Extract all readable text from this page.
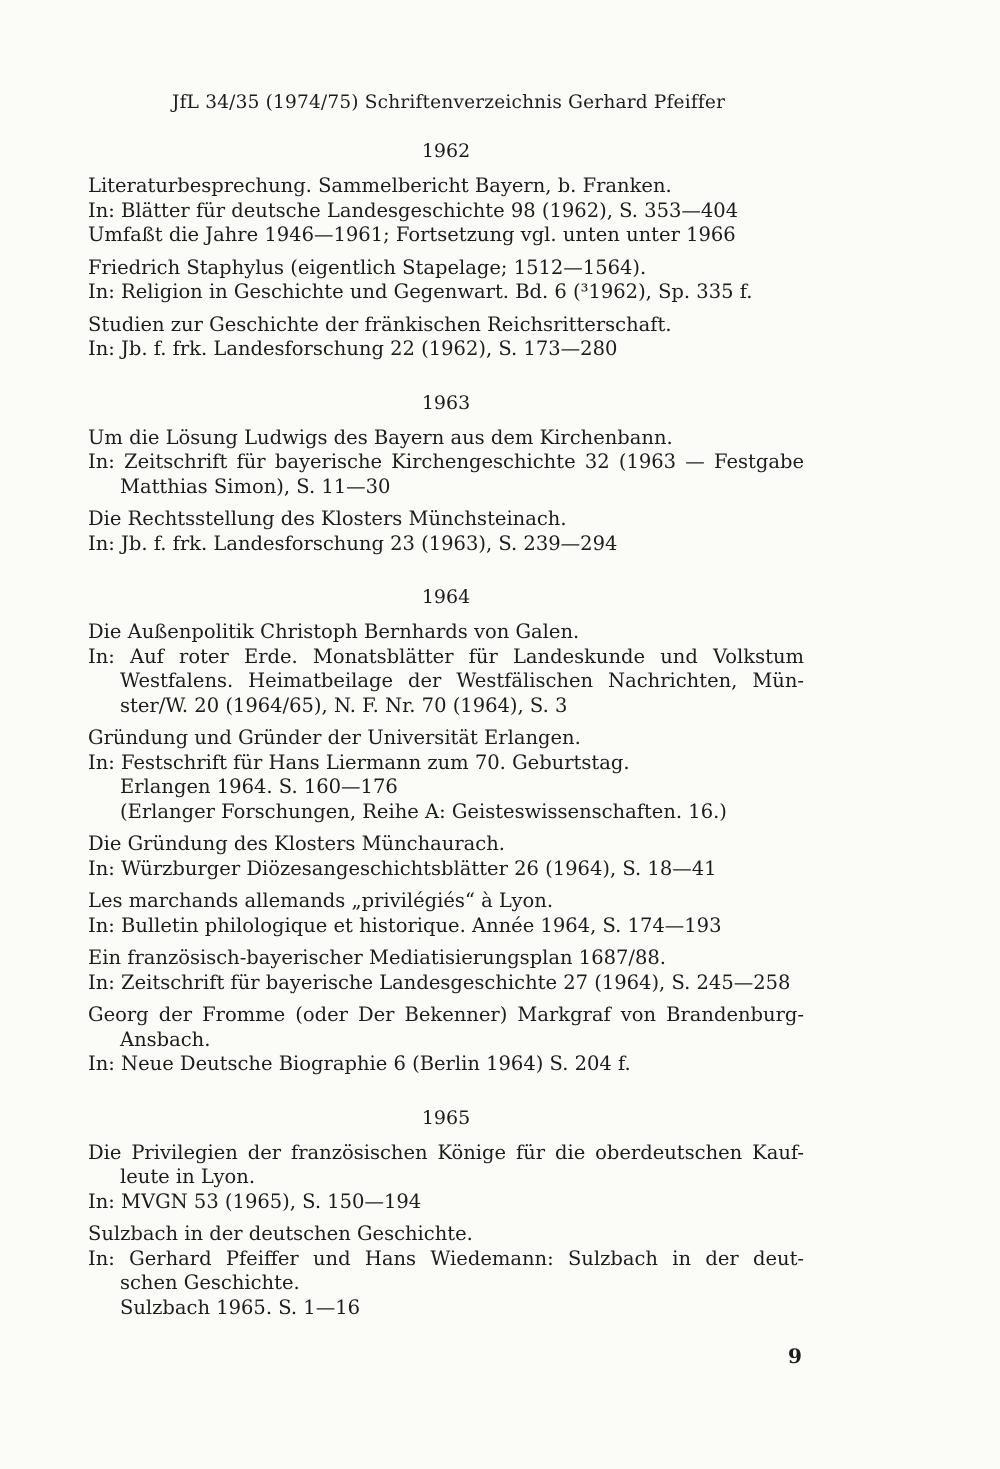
JfL 34/35 (1974/75) Schriftenverzeichnis Gerhard Pfeiffer
1962
Literaturbesprechung. Sammelbericht Bayern, b. Franken.
In: Blätter für deutsche Landesgeschichte 98 (1962), S. 353—404
Umfaßt die Jahre 1946—1961; Fortsetzung vgl. unten unter 1966
Friedrich Staphylus (eigentlich Stapelage; 1512—1564).
In: Religion in Geschichte und Gegenwart. Bd. 6 (³1962), Sp. 335 f.
Studien zur Geschichte der fränkischen Reichsritterschaft.
In: Jb. f. frk. Landesforschung 22 (1962), S. 173—280
1963
Um die Lösung Ludwigs des Bayern aus dem Kirchenbann.
In: Zeitschrift für bayerische Kirchengeschichte 32 (1963 — Festgabe
Matthias Simon), S. 11—30
Die Rechtsstellung des Klosters Münchsteinach.
In: Jb. f. frk. Landesforschung 23 (1963), S. 239—294
1964
Die Außenpolitik Christoph Bernhards von Galen.
In: Auf roter Erde. Monatsblätter für Landeskunde und Volkstum
Westfalens. Heimatbeilage der Westfälischen Nachrichten, Mün-
ster/W. 20 (1964/65), N. F. Nr. 70 (1964), S. 3
Gründung und Gründer der Universität Erlangen.
In: Festschrift für Hans Liermann zum 70. Geburtstag.
Erlangen 1964. S. 160—176
(Erlanger Forschungen, Reihe A: Geisteswissenschaften. 16.)
Die Gründung des Klosters Münchaurach.
In: Würzburger Diözesangeschichtsblätter 26 (1964), S. 18—41
Les marchands allemands „privilégiés“ à Lyon.
In: Bulletin philologique et historique. Année 1964, S. 174—193
Ein französisch-bayerischer Mediatisierungsplan 1687/88.
In: Zeitschrift für bayerische Landesgeschichte 27 (1964), S. 245—258
Georg der Fromme (oder Der Bekenner) Markgraf von Brandenburg-
Ansbach.
In: Neue Deutsche Biographie 6 (Berlin 1964) S. 204 f.
1965
Die Privilegien der französischen Könige für die oberdeutschen Kauf-
leute in Lyon.
In: MVGN 53 (1965), S. 150—194
Sulzbach in der deutschen Geschichte.
In: Gerhard Pfeiffer und Hans Wiedemann: Sulzbach in der deut-
schen Geschichte.
Sulzbach 1965. S. 1—16
9
